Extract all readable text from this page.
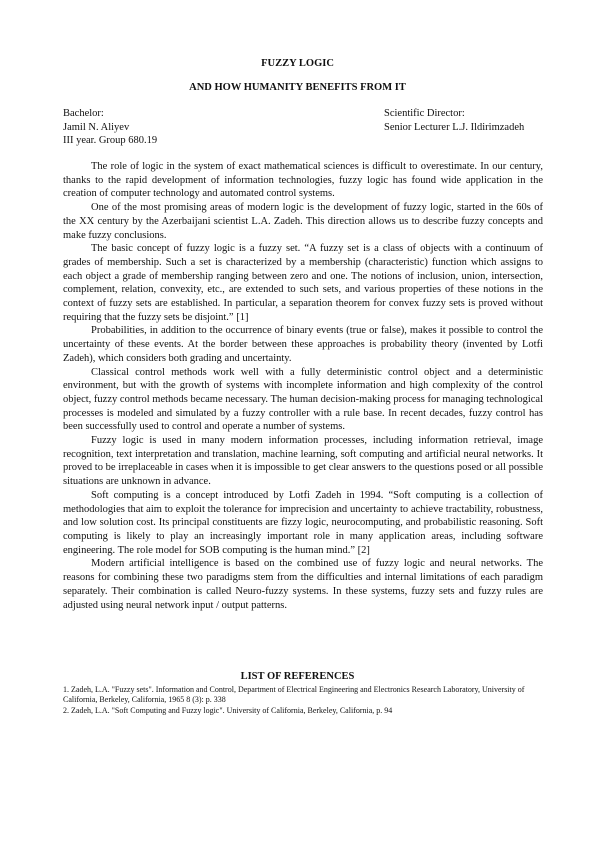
FUZZY LOGIC
AND HOW HUMANITY BENEFITS FROM IT
Bachelor:
Jamil N. Aliyev
III year. Group 680.19
Scientific Director:
Senior Lecturer L.J. Ildirimzadeh

The role of logic in the system of exact mathematical sciences is difficult to overestimate. In our century, thanks to the rapid development of information technologies, fuzzy logic has found wide application in the creation of computer technology and automated control systems.

One of the most promising areas of modern logic is the development of fuzzy logic, started in the 60s of the XX century by the Azerbaijani scientist L.A. Zadeh. This direction allows us to describe fuzzy concepts and make fuzzy conclusions.

The basic concept of fuzzy logic is a fuzzy set. “A fuzzy set is a class of objects with a continuum of grades of membership. Such a set is characterized by a membership (characteristic) function which assigns to each object a grade of membership ranging between zero and one. The notions of inclusion, union, intersection, complement, relation, convexity, etc., are extended to such sets, and various properties of these notions in the context of fuzzy sets are established. In particular, a separation theorem for convex fuzzy sets is proved without requiring that the fuzzy sets be disjoint.” [1]

Probabilities, in addition to the occurrence of binary events (true or false), makes it possible to control the uncertainty of these events. At the border between these approaches is probability theory (invented by Lotfi Zadeh), which considers both grading and uncertainty.

Classical control methods work well with a fully deterministic control object and a deterministic environment, but with the growth of systems with incomplete information and high complexity of the control object, fuzzy control methods became necessary. The human decision-making process for managing technological processes is modeled and simulated by a fuzzy controller with a rule base. In recent decades, fuzzy control has been successfully used to control and operate a number of systems.

Fuzzy logic is used in many modern information processes, including information retrieval, image recognition, text interpretation and translation, machine learning, soft computing and artificial neural networks. It proved to be irreplaceable in cases when it is impossible to get clear answers to the questions posed or all possible situations are unknown in advance.

Soft computing is a concept introduced by Lotfi Zadeh in 1994. “Soft computing is a collection of methodologies that aim to exploit the tolerance for imprecision and uncertainty to achieve tractability, robustness, and low solution cost. Its principal constituents are fizzy logic, neurocomputing, and probabilistic reasoning. Soft computing is likely to play an increasingly important role in many application areas, including software engineering. The role model for SOB computing is the human mind.” [2]

Modern artificial intelligence is based on the combined use of fuzzy logic and neural networks. The reasons for combining these two paradigms stem from the difficulties and internal limitations of each paradigm separately. Their combination is called Neuro-fuzzy systems. In these systems, fuzzy sets and fuzzy rules are adjusted using neural network input / output patterns.

LIST OF REFERENCES
1. Zadeh, L.A. "Fuzzy sets". Information and Control, Department of Electrical Engineering and Electronics Research Laboratory, University of California, Berkeley, California, 1965 8 (3): p. 338
2. Zadeh, L.A. "Soft Computing and Fuzzy logic". University of California, Berkeley, California, p. 94
